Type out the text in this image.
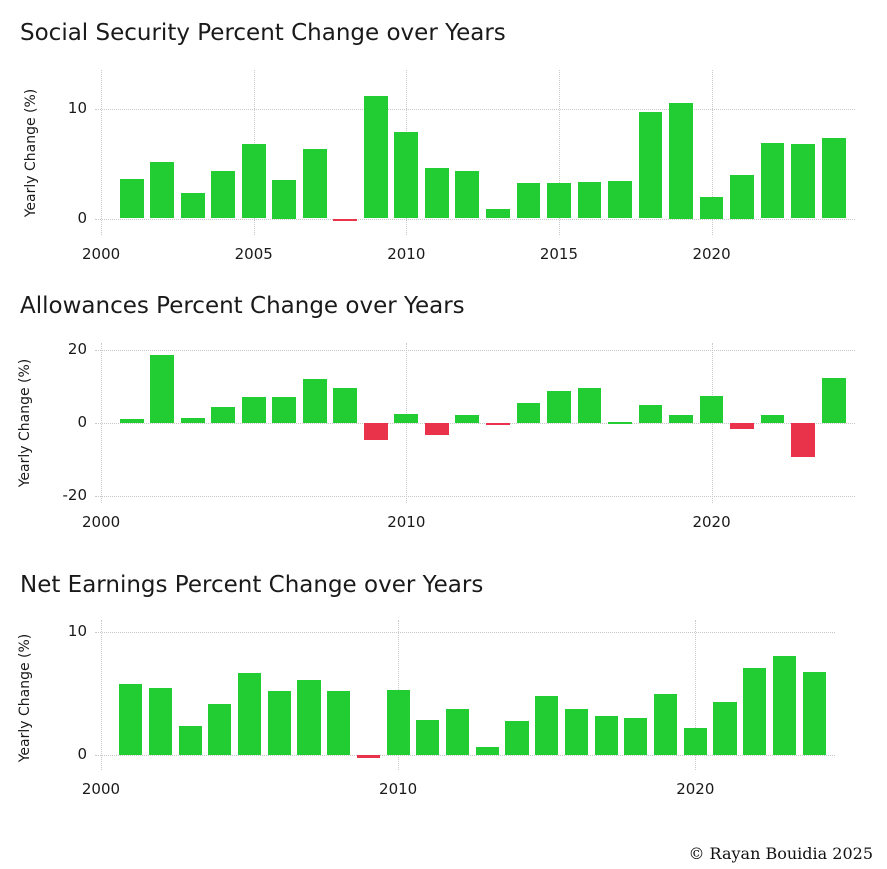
Social Security Percent Change over Years
0
10
2000	2005	2010	2015	2020
Yearly Change (%)
Allowances Percent Change over Years
-20
0
20
2000	2010	2020
Yearly Change (%)
Net Earnings Percent Change over Years
0
10
2000	2010	2020
Yearly Change (%)
© Rayan Bouidia 2025
